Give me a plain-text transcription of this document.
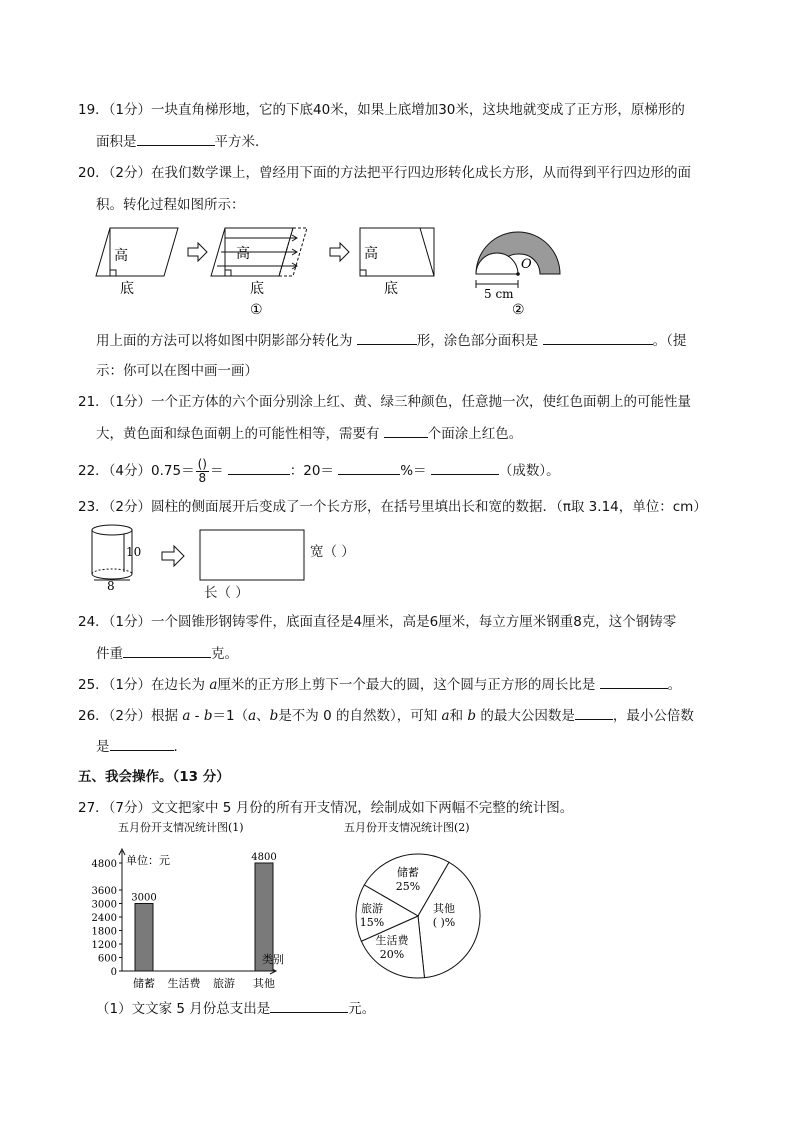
19．（1分）一块直角梯形地，它的下底40米，如果上底增加30米，这块地就变成了正方形，原梯形的
面积是	平方米．
20．（2分）在我们数学课上，曾经用下面的方法把平行四边形转化成长方形，从而得到平行四边形的面
积。转化过程如图所示：
高
底
高
底
①
高
底
O
5 cm
②
用上面的方法可以将如图中阴影部分转化为	形，涂色部分面积是	。（提
示：你可以在图中画一画）
21．（1分）一个正方体的六个面分别涂上红、黄、绿三种颜色，任意抛一次，使红色面朝上的可能性量
大，黄色面和绿色面朝上的可能性相等，需要有	个面涂上红色。
22．（4分）$0.75= \frac{()}{8}$ ＝	：20＝	%＝	（成数）。
23．（2分）圆柱的侧面展开后变成了一个长方形，在括号里填出长和宽的数据．（π取 3.14，单位：cm）
8
10	宽（ ）
长（ ）
24．（1分）一个圆锥形钢铸零件，底面直径是4厘米，高是6厘米，每立方厘米钢重8克，这个钢铸零
件重	克。
25．（1分）在边长为 a厘米的正方形上剪下一个最大的圆，这个圆与正方形的周长比是	。
26．（2分）根据 a - b＝1（a、b是不为 0 的自然数），可知 a和 b 的最大公因数是	，最小公倍数
是	．
五、我会操作。（13 分）
27．（7分）文文把家中 5 月份的所有开支情况，绘制成如下两幅不完整的统计图。
五月份开支情况统计图(1)
单位：元
4800
3600
3000
2400
1800
1200
600
0
3000
储蓄 生活费 旅游
4800
其他
类别
五月份开支情况统计图(2)
储蓄
25%
其他
( )%
生活费
20%
旅游
15%
（1）文文家 5 月份总支出是	元。
